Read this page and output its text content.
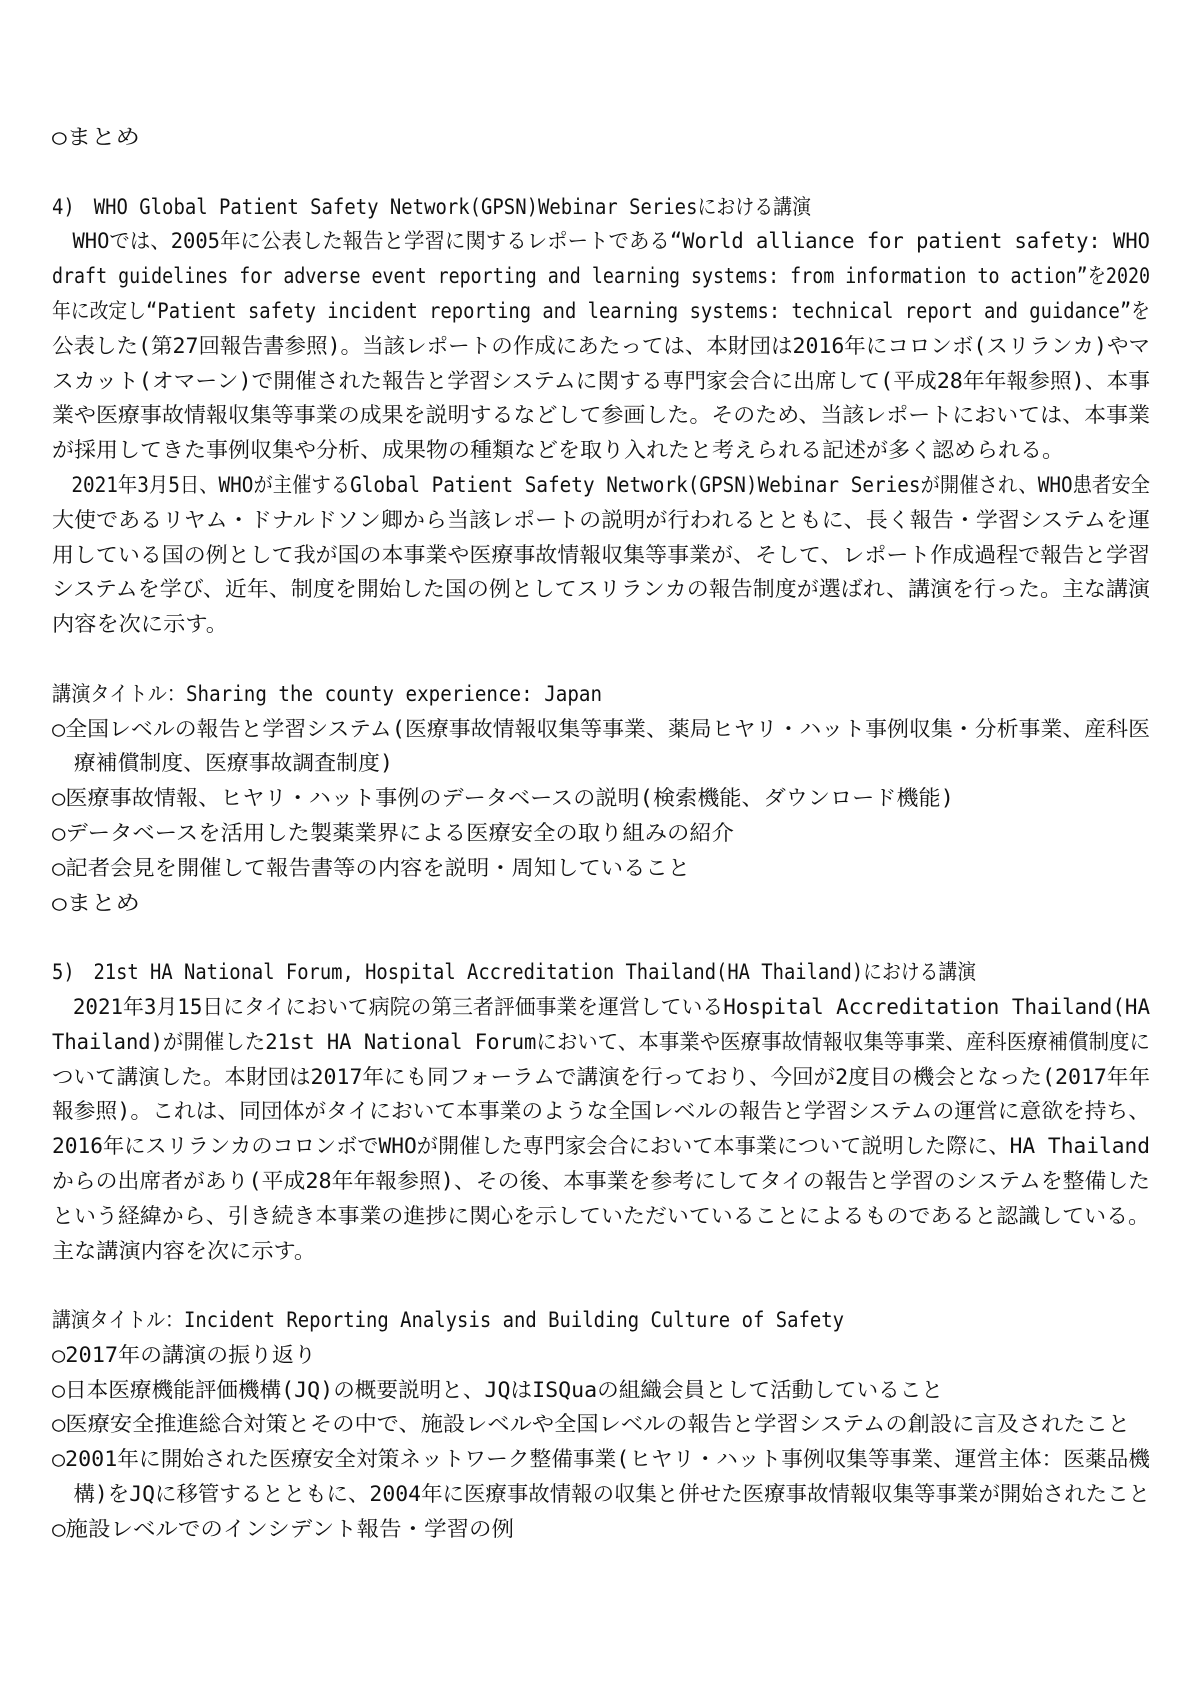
○まとめ
4)　WHO Global Patient Safety Network(GPSN)Webinar Seriesにおける講演
　WHOでは、2005年に公表した報告と学習に関するレポートである“World alliance for patient safety: WHO
draft guidelines for adverse event reporting and learning systems: from information to action”を2020
年に改定し“Patient safety incident reporting and learning systems: technical report and guidance”を
公表した(第27回報告書参照)。当該レポートの作成にあたっては、本財団は2016年にコロンボ(スリランカ)やマ
スカット(オマーン)で開催された報告と学習システムに関する専門家会合に出席して(平成28年年報参照)、本事
業や医療事故情報収集等事業の成果を説明するなどして参画した。そのため、当該レポートにおいては、本事業
が採用してきた事例収集や分析、成果物の種類などを取り入れたと考えられる記述が多く認められる。
　2021年3月5日、WHOが主催するGlobal Patient Safety Network(GPSN)Webinar Seriesが開催され、WHO患者安全
大使であるリヤム・ドナルドソン卿から当該レポートの説明が行われるとともに、長く報告・学習システムを運
用している国の例として我が国の本事業や医療事故情報収集等事業が、そして、レポート作成過程で報告と学習
システムを学び、近年、制度を開始した国の例としてスリランカの報告制度が選ばれ、講演を行った。主な講演
内容を次に示す。
講演タイトル：Sharing the county experience: Japan
○全国レベルの報告と学習システム(医療事故情報収集等事業、薬局ヒヤリ・ハット事例収集・分析事業、産科医
　療補償制度、医療事故調査制度)
○医療事故情報、ヒヤリ・ハット事例のデータベースの説明(検索機能、ダウンロード機能)
○データベースを活用した製薬業界による医療安全の取り組みの紹介
○記者会見を開催して報告書等の内容を説明・周知していること
○まとめ
5)　21st HA National Forum, Hospital Accreditation Thailand(HA Thailand)における講演
　2021年3月15日にタイにおいて病院の第三者評価事業を運営しているHospital Accreditation Thailand(HA
Thailand)が開催した21st HA National Forumにおいて、本事業や医療事故情報収集等事業、産科医療補償制度に
ついて講演した。本財団は2017年にも同フォーラムで講演を行っており、今回が2度目の機会となった(2017年年
報参照)。これは、同団体がタイにおいて本事業のような全国レベルの報告と学習システムの運営に意欲を持ち、
2016年にスリランカのコロンボでWHOが開催した専門家会合において本事業について説明した際に、HA Thailand
からの出席者があり(平成28年年報参照)、その後、本事業を参考にしてタイの報告と学習のシステムを整備した
という経緯から、引き続き本事業の進捗に関心を示していただいていることによるものであると認識している。
主な講演内容を次に示す。
講演タイトル：Incident Reporting Analysis and Building Culture of Safety
○2017年の講演の振り返り
○日本医療機能評価機構(JQ)の概要説明と、JQはISQuaの組織会員として活動していること
○医療安全推進総合対策とその中で、施設レベルや全国レベルの報告と学習システムの創設に言及されたこと
○2001年に開始された医療安全対策ネットワーク整備事業(ヒヤリ・ハット事例収集等事業、運営主体：医薬品機
　構)をJQに移管するとともに、2004年に医療事故情報の収集と併せた医療事故情報収集等事業が開始されたこと
○施設レベルでのインシデント報告・学習の例
